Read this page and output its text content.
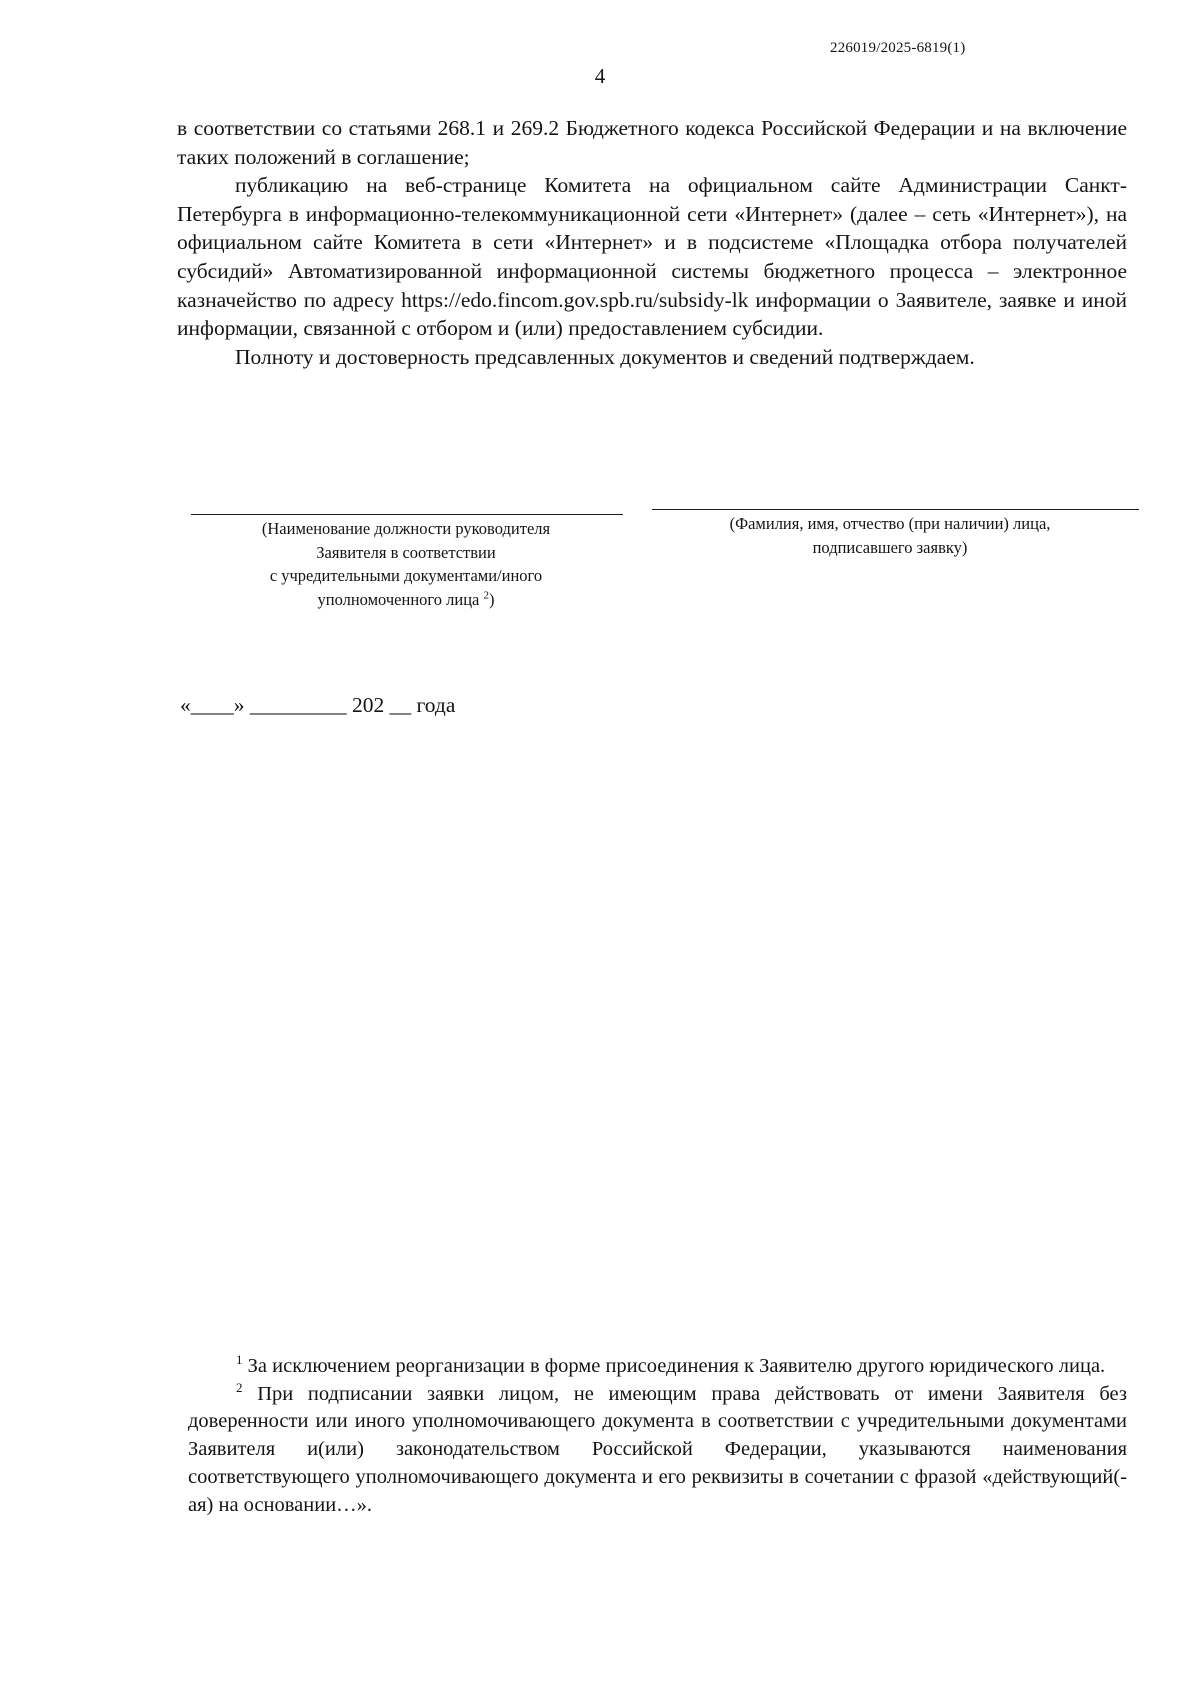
226019/2025-6819(1)
4

в соответствии со статьями 268.1 и 269.2 Бюджетного кодекса Российской Федерации и на включение таких положений в соглашение;

публикацию на веб-странице Комитета на официальном сайте Администрации Санкт-Петербурга в информационно-телекоммуникационной сети «Интернет» (далее – сеть «Интернет»), на официальном сайте Комитета в сети «Интернет» и в подсистеме «Площадка отбора получателей субсидий» Автоматизированной информационной системы бюджетного процесса – электронное казначейство по адресу https://edo.fincom.gov.spb.ru/subsidy-lk информации о Заявителе, заявке и иной информации, связанной с отбором и (или) предоставлением субсидии.

Полноту и достоверность предсавленных документов и сведений подтверждаем.

(Наименование должности руководителя
Заявителя в соответствии
с учредительными документами/иного
уполномоченного лица $^2$)
(Фамилия, имя, отчество (при наличии) лица,
подписавшего заявку)
«____» _________ 202 __ года

$^1$ За исключением реорганизации в форме присоединения к Заявителю другого юридического лица.

$^2$ При подписании заявки лицом, не имеющим права действовать от имени Заявителя без доверенности или иного уполномочивающего документа в соответствии с учредительными документами Заявителя и(или) законодательством Российской Федерации, указываются наименования соответствующего уполномочивающего документа и его реквизиты в сочетании с фразой «действующий(-ая) на основании…».
